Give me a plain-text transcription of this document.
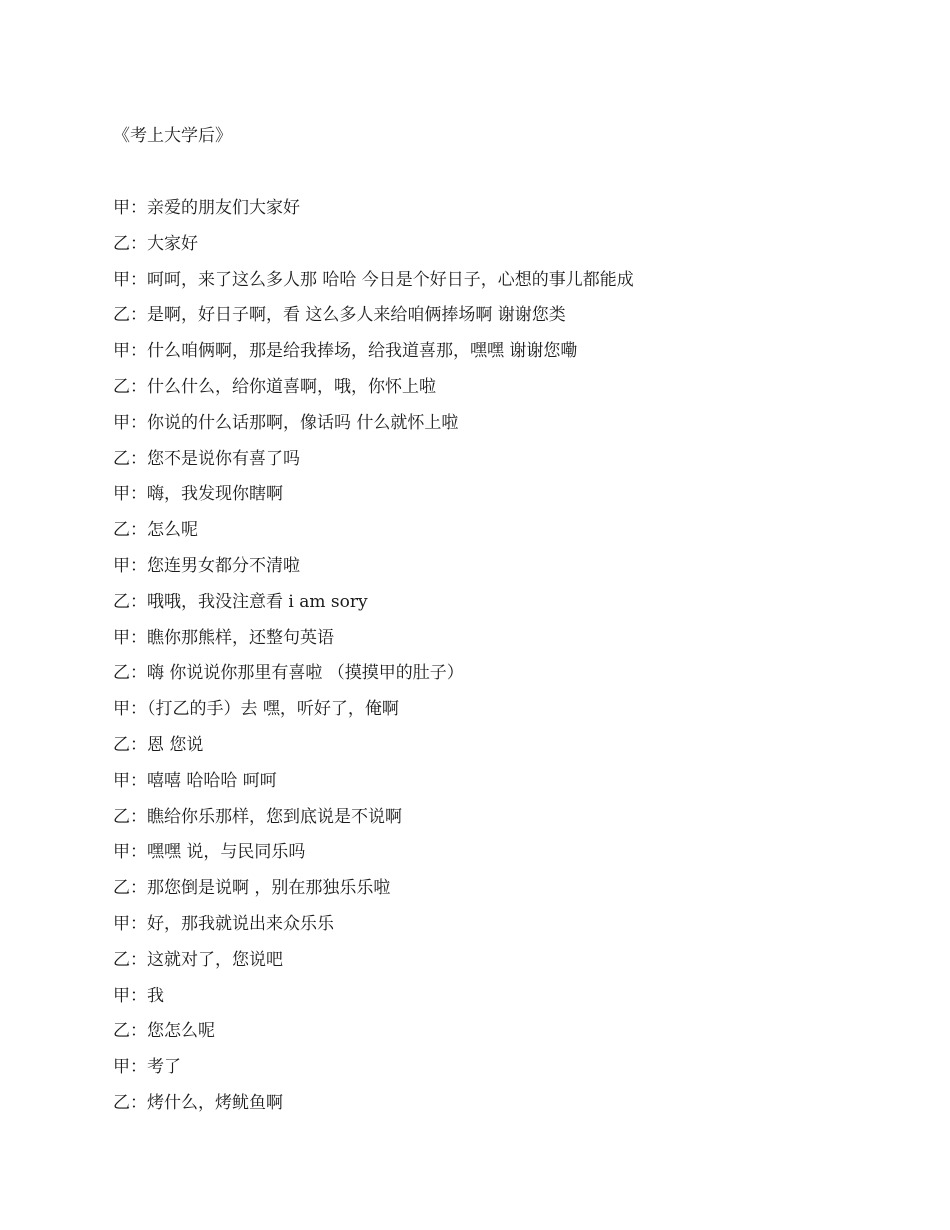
《考上大学后》
甲：亲爱的朋友们大家好
乙：大家好
甲：呵呵，来了这么多人那 哈哈 今日是个好日子，心想的事儿都能成
乙：是啊，好日子啊，看 这么多人来给咱俩捧场啊 谢谢您类
甲：什么咱俩啊，那是给我捧场，给我道喜那，嘿嘿 谢谢您嘞
乙：什么什么，给你道喜啊，哦，你怀上啦
甲：你说的什么话那啊，像话吗 什么就怀上啦
乙：您不是说你有喜了吗
甲：嗨，我发现你瞎啊
乙：怎么呢
甲：您连男女都分不清啦
乙：哦哦，我没注意看 i am sory
甲：瞧你那熊样，还整句英语
乙：嗨 你说说你那里有喜啦 （摸摸甲的肚子）
甲：（打乙的手）去 嘿，听好了，俺啊
乙：恩 您说
甲：嘻嘻 哈哈哈 呵呵
乙：瞧给你乐那样，您到底说是不说啊
甲：嘿嘿 说，与民同乐吗
乙：那您倒是说啊 ，别在那独乐乐啦
甲：好，那我就说出来众乐乐
乙：这就对了，您说吧
甲：我
乙：您怎么呢
甲：考了
乙：烤什么，烤鱿鱼啊
